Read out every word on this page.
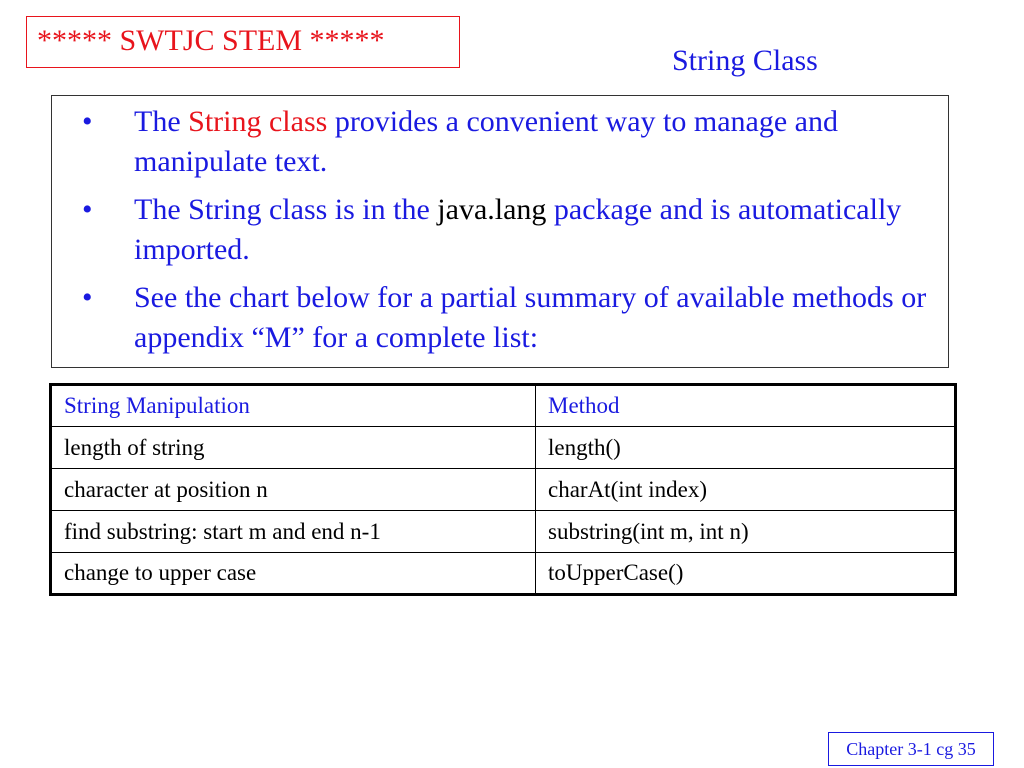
***** SWTJC STEM *****
String Class
• The String class provides a convenient way to manage and manipulate text.
• The String class is in the java.lang package and is automatically imported.
• See the chart below for a partial summary of available methods or appendix “M” for a complete list:
String Manipulation	Method
length of string	length()
character at position n	charAt(int index)
find substring: start m and end n-1	substring(int m, int n)
change to upper case	toUpperCase()
Chapter 3-1 cg 35
